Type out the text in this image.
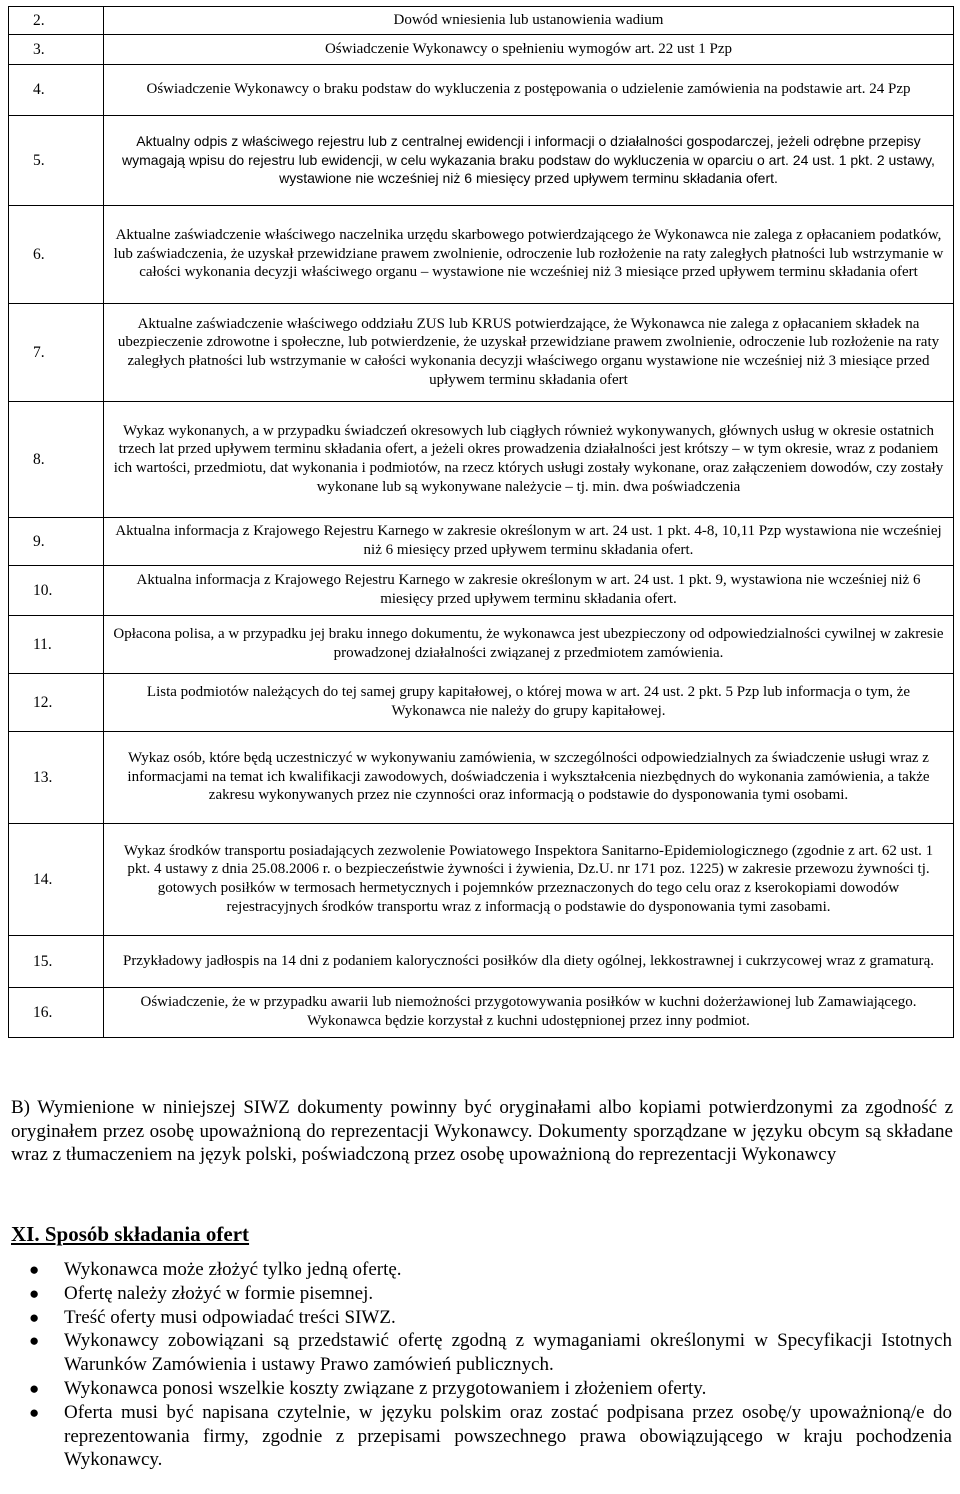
2.	Dowód wniesienia lub ustanowienia wadium
3.	Oświadczenie Wykonawcy o spełnieniu wymogów art. 22 ust 1 Pzp
4.	Oświadczenie Wykonawcy o braku podstaw do wykluczenia z postępowania o udzielenie zamówienia na podstawie art. 24 Pzp
5.	Aktualny odpis z właściwego rejestru lub z centralnej ewidencji i informacji o działalności gospodarczej, jeżeli odrębne przepisy wymagają wpisu do rejestru lub ewidencji, w celu wykazania braku podstaw do wykluczenia w oparciu o art. 24 ust. 1 pkt. 2 ustawy, wystawione nie wcześniej niż 6 miesięcy przed upływem terminu składania ofert.
6.	Aktualne zaświadczenie właściwego naczelnika urzędu skarbowego potwierdzającego że Wykonawca nie zalega z opłacaniem podatków, lub zaświadczenia, że uzyskał przewidziane prawem zwolnienie, odroczenie lub rozłożenie na raty zaległych płatności lub wstrzymanie w całości wykonania decyzji właściwego organu – wystawione nie wcześniej niż 3 miesiące przed upływem terminu składania ofert
7.	Aktualne zaświadczenie właściwego oddziału ZUS lub KRUS potwierdzające, że Wykonawca nie zalega z opłacaniem składek na ubezpieczenie zdrowotne i społeczne, lub potwierdzenie, że uzyskał przewidziane prawem zwolnienie, odroczenie lub rozłożenie na raty zaległych płatności lub wstrzymanie w całości wykonania decyzji właściwego organu wystawione nie wcześniej niż 3 miesiące przed upływem terminu składania ofert
8.	Wykaz wykonanych, a w przypadku świadczeń okresowych lub ciągłych również wykonywanych, głównych usług w okresie ostatnich trzech lat przed upływem terminu składania ofert, a jeżeli okres prowadzenia działalności jest krótszy – w tym okresie, wraz z podaniem ich wartości, przedmiotu, dat wykonania i podmiotów, na rzecz których usługi zostały wykonane, oraz załączeniem dowodów, czy zostały wykonane lub są wykonywane należycie – tj. min. dwa poświadczenia
9.	Aktualna informacja z Krajowego Rejestru Karnego w zakresie określonym w art. 24 ust. 1 pkt. 4-8, 10,11 Pzp wystawiona nie wcześniej niż 6 miesięcy przed upływem terminu składania ofert.
10.	Aktualna informacja z Krajowego Rejestru Karnego w zakresie określonym w art. 24 ust. 1 pkt. 9, wystawiona nie wcześniej niż 6 miesięcy przed upływem terminu składania ofert.
11.	Opłacona polisa, a w przypadku jej braku innego dokumentu, że wykonawca jest ubezpieczony od odpowiedzialności cywilnej w zakresie prowadzonej działalności związanej z przedmiotem zamówienia.
12.	Lista podmiotów należących do tej samej grupy kapitałowej, o której mowa w art. 24 ust. 2 pkt. 5 Pzp lub informacja o tym, że Wykonawca nie należy do grupy kapitałowej.
13.	Wykaz osób, które będą uczestniczyć w wykonywaniu zamówienia, w szczególności odpowiedzialnych za świadczenie usługi wraz z informacjami na temat ich kwalifikacji zawodowych, doświadczenia i wykształcenia niezbędnych do wykonania zamówienia, a także zakresu wykonywanych przez nie czynności oraz informacją o podstawie do dysponowania tymi osobami.
14.	Wykaz środków transportu posiadających zezwolenie Powiatowego Inspektora Sanitarno-Epidemiologicznego (zgodnie z art. 62 ust. 1 pkt. 4 ustawy z dnia 25.08.2006 r. o bezpieczeństwie żywności i żywienia, Dz.U. nr 171 poz. 1225) w zakresie przewozu żywności tj. gotowych posiłków w termosach hermetycznych i pojemnków przeznaczonych do tego celu oraz z kserokopiami dowodów rejestracyjnych środków transportu wraz z informacją o podstawie do dysponowania tymi zasobami.
15.	Przykładowy jadłospis na 14 dni z podaniem kaloryczności posiłków dla diety ogólnej, lekkostrawnej i cukrzycowej wraz z gramaturą.
16.	Oświadczenie, że w przypadku awarii lub niemożności przygotowywania posiłków w kuchni dożerżawionej lub Zamawiającego. Wykonawca będzie korzystał z kuchni udostępnionej przez inny podmiot.

B) Wymienione w niniejszej SIWZ dokumenty powinny być oryginałami albo kopiami potwierdzonymi za zgodność z oryginałem przez osobę upoważnioną do reprezentacji Wykonawcy. Dokumenty sporządzane w języku obcym są składane wraz z tłumaczeniem na język polski, poświadczoną przez osobę upoważnioną do reprezentacji Wykonawcy

XI. Sposób składania ofert
● Wykonawca może złożyć tylko jedną ofertę.
● Ofertę należy złożyć w formie pisemnej.
● Treść oferty musi odpowiadać treści SIWZ.
● Wykonawcy zobowiązani są przedstawić ofertę zgodną z wymaganiami określonymi w Specyfikacji Istotnych Warunków Zamówienia i ustawy Prawo zamówień publicznych.
● Wykonawca ponosi wszelkie koszty związane z przygotowaniem i złożeniem oferty.
● Oferta musi być napisana czytelnie, w języku polskim oraz zostać podpisana przez osobę/y upoważnioną/e do reprezentowania firmy, zgodnie z przepisami powszechnego prawa obowiązującego w kraju pochodzenia Wykonawcy.
